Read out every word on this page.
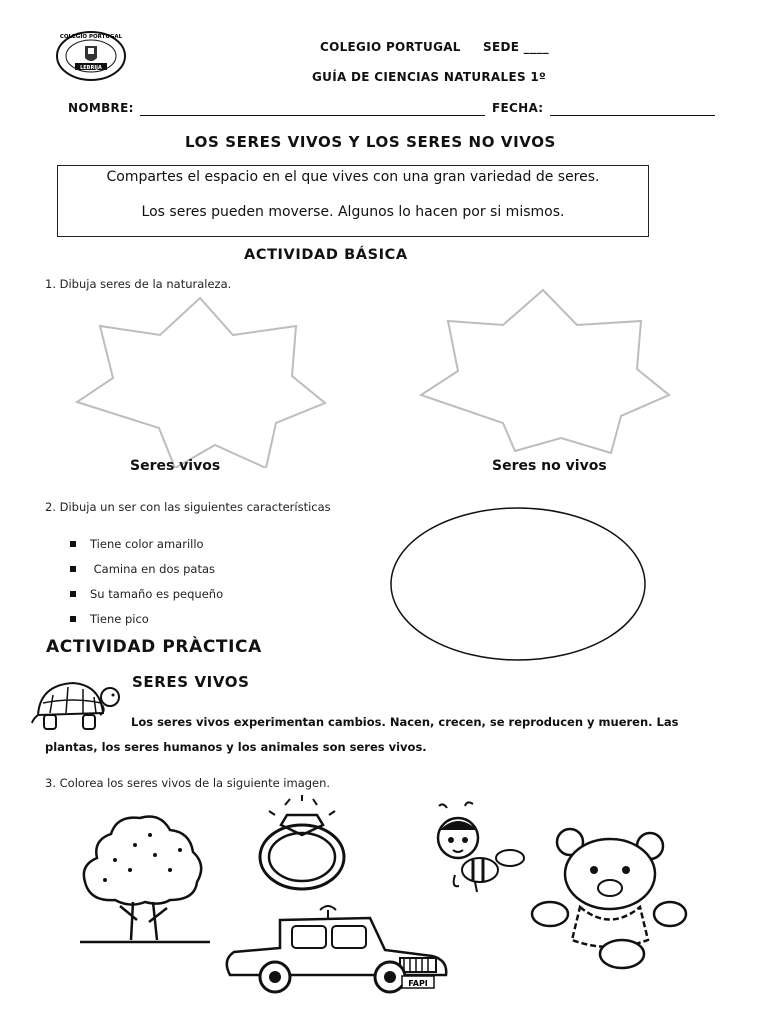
COLEGIO PORTUGAL
LEBRIJA
COLEGIO PORTUGAL SEDE ____
GUÍA DE CIENCIAS NATURALES 1º
NOMBRE:	FECHA:
LOS SERES VIVOS Y LOS SERES NO VIVOS
Compartes el espacio en el que vives con una gran variedad de seres.
Los seres pueden moverse. Algunos lo hacen por si mismos.
ACTIVIDAD BÁSICA
1. Dibuja seres de la naturaleza.
Seres vivos	Seres no vivos
2. Dibuja un ser con las siguientes características
Tiene color amarillo
Camina en dos patas
Su tamaño es pequeño
Tiene pico
ACTIVIDAD PRÀCTICA
SERES VIVOS
Los seres vivos experimentan cambios. Nacen, crecen, se reproducen y mueren. Las
plantas, los seres humanos y los animales son seres vivos.
3. Colorea los seres vivos de la siguiente imagen.
FAPI
